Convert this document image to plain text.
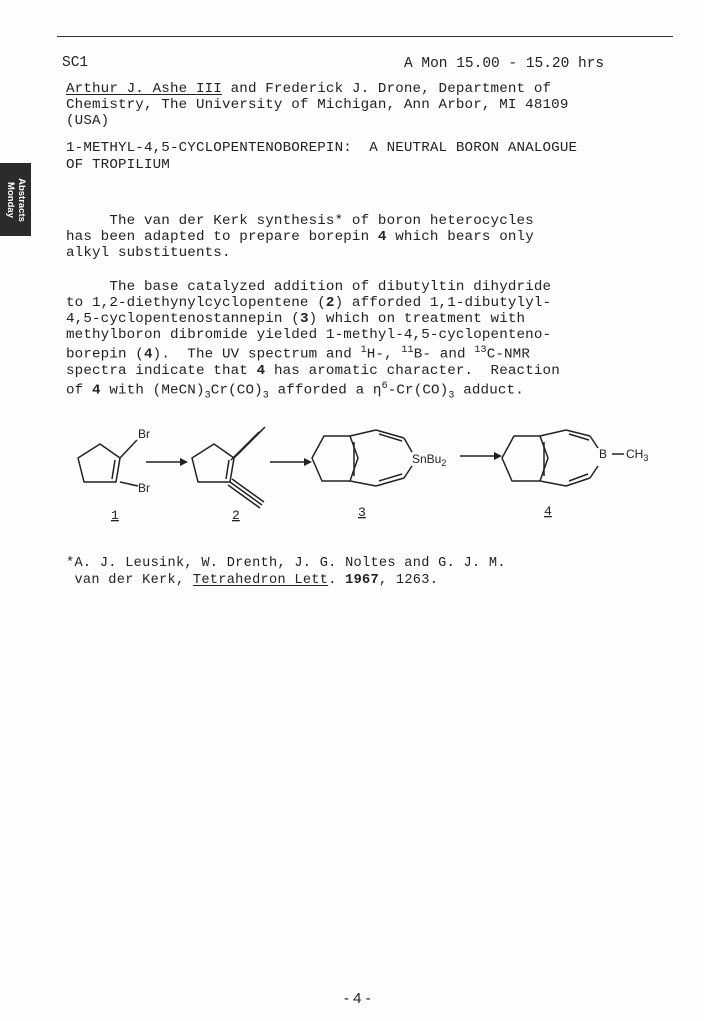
Abstracts
Monday
SC1	A Mon 15.00 - 15.20 hrs
Arthur J. Ashe III and Frederick J. Drone, Department of
Chemistry, The University of Michigan, Ann Arbor, MI 48109
(USA)
1-METHYL-4,5-CYCLOPENTENOBOREPIN:  A NEUTRAL BORON ANALOGUE
OF TROPILIUM
The van der Kerk synthesis* of boron heterocycles
has been adapted to prepare borepin 4 which bears only
alkyl substituents.
The base catalyzed addition of dibutyltin dihydride
to 1,2-diethynylcyclopentene (2) afforded 1,1-dibutylyl-
4,5-cyclopentenostannepin (3) which on treatment with
methylboron dibromide yielded 1-methyl-4,5-cyclopenteno-
borepin (4).  The UV spectrum and $^1$H-, $^{11}$B- and $^{13}$C-NMR
spectra indicate that 4 has aromatic character.  Reaction
of 4 with $(MeCN)_3Cr(CO)_3$ afforded a $\eta^6-Cr(CO)_3$ adduct.
Br
Br
SnBu$_2$
B $CH_3$
1	2	3	4
*A. J. Leusink, W. Drenth, J. G. Noltes and G. J. M.
van der Kerk, Tetrahedron Lett. 1967, 1263.
- 4 -
